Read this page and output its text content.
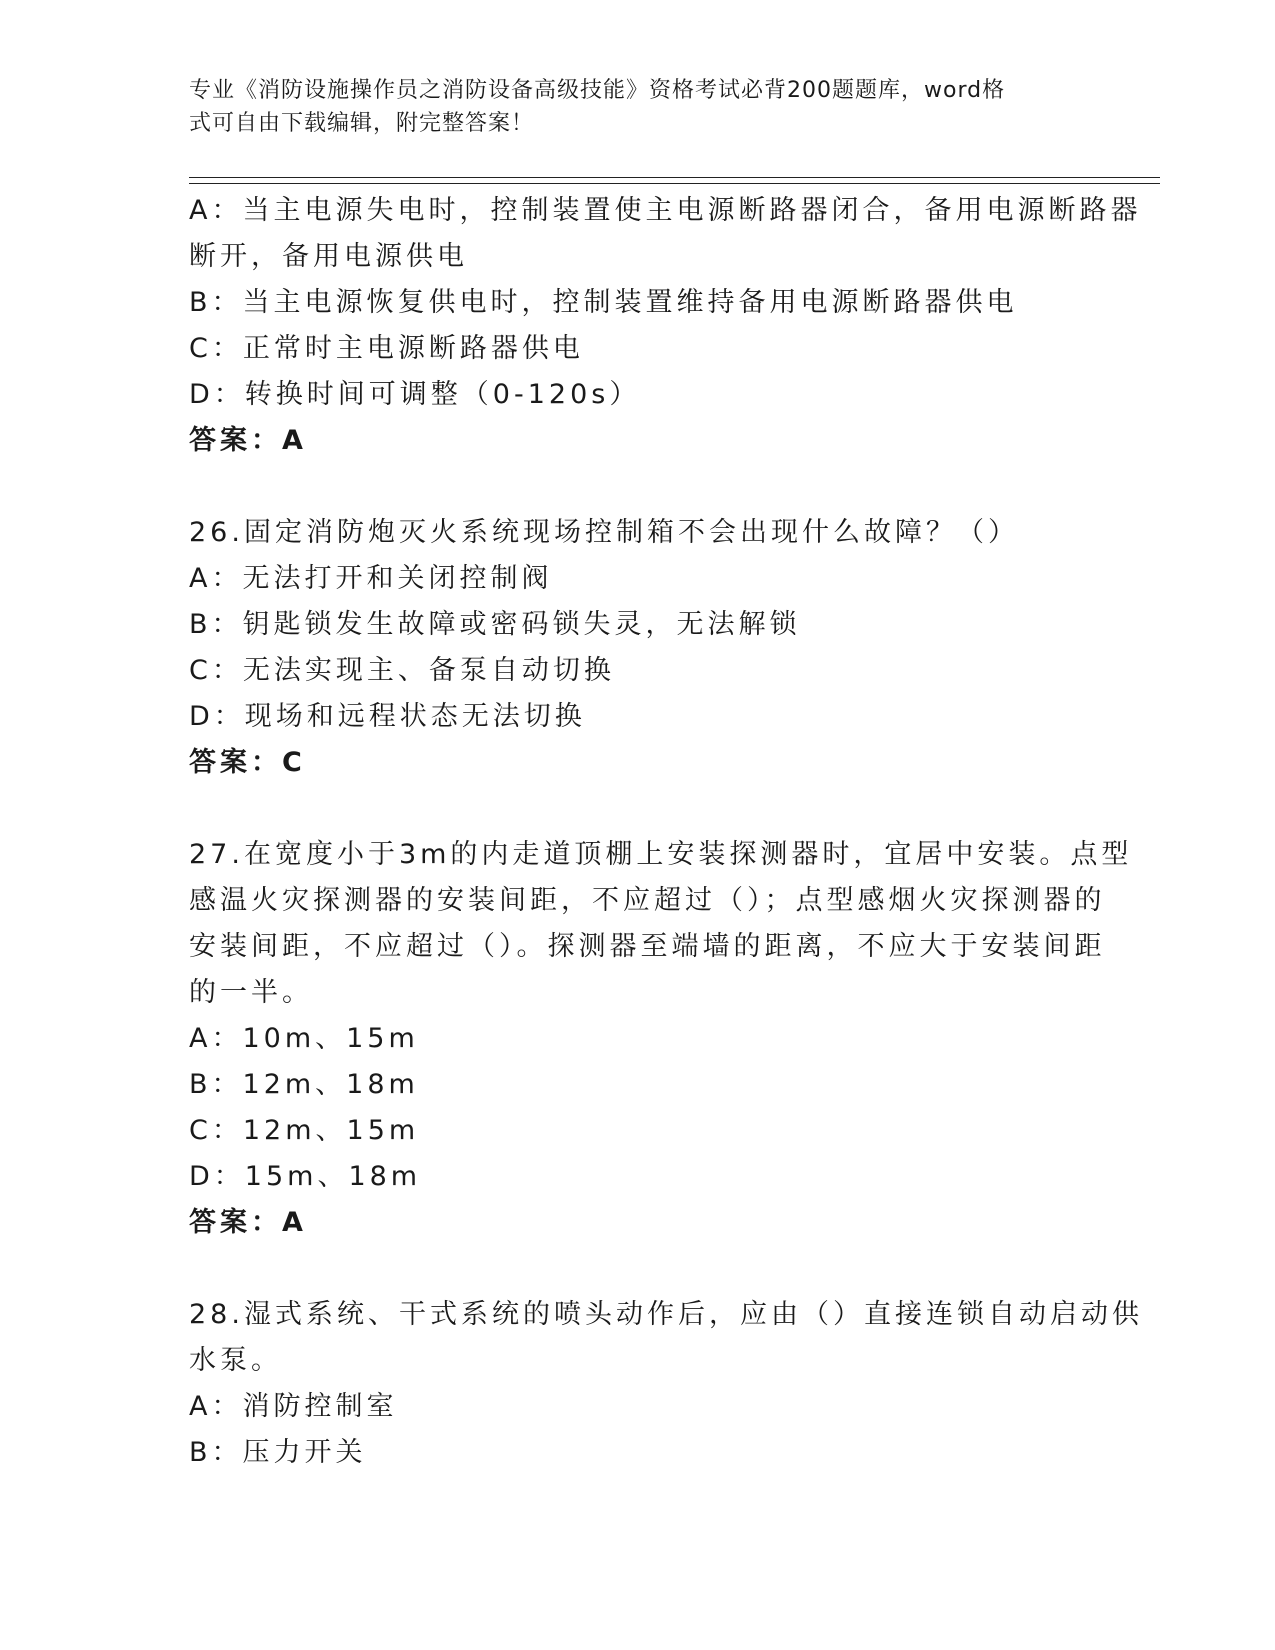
专业《消防设施操作员之消防设备高级技能》资格考试必背200题题库，word格
式可自由下载编辑，附完整答案！
A：当主电源失电时，控制装置使主电源断路器闭合，备用电源断路器
断开，备用电源供电
B：当主电源恢复供电时，控制装置维持备用电源断路器供电
C：正常时主电源断路器供电
D：转换时间可调整（0-120s）
答案：A
26.固定消防炮灭火系统现场控制箱不会出现什么故障？（）
A：无法打开和关闭控制阀
B：钥匙锁发生故障或密码锁失灵，无法解锁
C：无法实现主、备泵自动切换
D：现场和远程状态无法切换
答案：C
27.在宽度小于3m的内走道顶棚上安装探测器时，宜居中安装。点型
感温火灾探测器的安装间距，不应超过（）；点型感烟火灾探测器的
安装间距，不应超过（）。探测器至端墙的距离，不应大于安装间距
的一半。
A：10m、15m
B：12m、18m
C：12m、15m
D：15m、18m
答案：A
28.湿式系统、干式系统的喷头动作后，应由（）直接连锁自动启动供
水泵。
A：消防控制室
B：压力开关
